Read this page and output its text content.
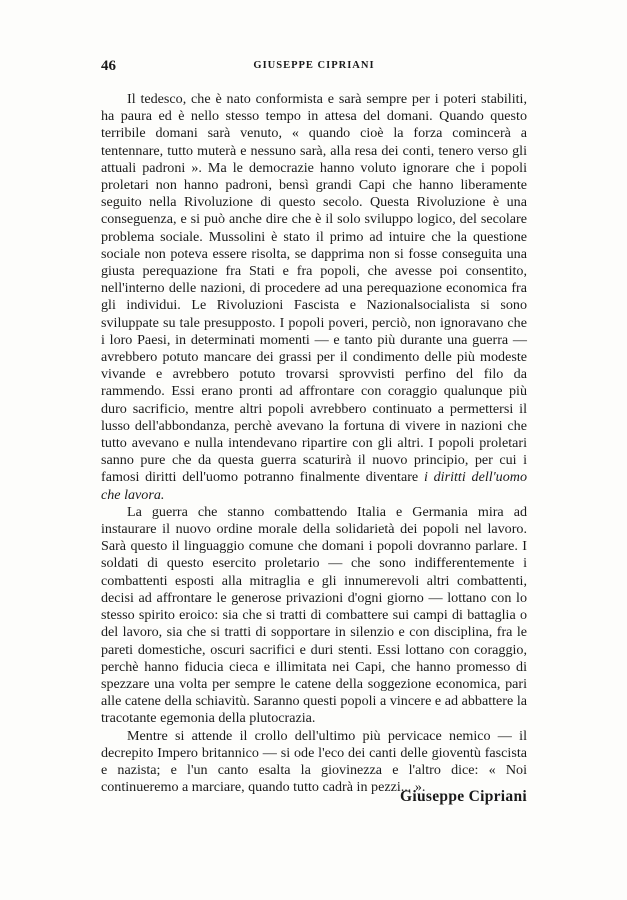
46	GIUSEPPE CIPRIANI

Il tedesco, che è nato conformista e sarà sempre per i poteri stabiliti, ha paura ed è nello stesso tempo in attesa del domani. Quando questo terribile domani sarà venuto, « quando cioè la forza comincerà a tentennare, tutto muterà e nessuno sarà, alla resa dei conti, tenero verso gli attuali padroni ». Ma le democrazie hanno voluto ignorare che i popoli proletari non hanno padroni, bensì grandi Capi che hanno liberamente seguito nella Rivoluzione di questo secolo. Questa Rivoluzione è una conseguenza, e si può anche dire che è il solo sviluppo logico, del secolare problema sociale. Mussolini è stato il primo ad intuire che la questione sociale non poteva essere risolta, se dapprima non si fosse conseguita una giusta perequazione fra Stati e fra popoli, che avesse poi consentito, nell'interno delle nazioni, di procedere ad una perequazione economica fra gli individui. Le Rivoluzioni Fascista e Nazionalsocialista si sono sviluppate su tale presupposto. I popoli poveri, perciò, non ignoravano che i loro Paesi, in determinati momenti — e tanto più durante una guerra — avrebbero potuto mancare dei grassi per il condimento delle più modeste vivande e avrebbero potuto trovarsi sprovvisti perfino del filo da rammendo. Essi erano pronti ad affrontare con coraggio qualunque più duro sacrificio, mentre altri popoli avrebbero continuato a permettersi il lusso dell'abbondanza, perchè avevano la fortuna di vivere in nazioni che tutto avevano e nulla intendevano ripartire con gli altri. I popoli proletari sanno pure che da questa guerra scaturirà il nuovo principio, per cui i famosi diritti dell'uomo potranno finalmente diventare i diritti dell'uomo che lavora.

La guerra che stanno combattendo Italia e Germania mira ad instaurare il nuovo ordine morale della solidarietà dei popoli nel lavoro. Sarà questo il linguaggio comune che domani i popoli dovranno parlare. I soldati di questo esercito proletario — che sono indifferentemente i combattenti esposti alla mitraglia e gli innumerevoli altri combattenti, decisi ad affrontare le generose privazioni d'ogni giorno — lottano con lo stesso spirito eroico: sia che si tratti di combattere sui campi di battaglia o del lavoro, sia che si tratti di sopportare in silenzio e con disciplina, fra le pareti domestiche, oscuri sacrifici e duri stenti. Essi lottano con coraggio, perchè hanno fiducia cieca e illimitata nei Capi, che hanno promesso di spezzare una volta per sempre le catene della soggezione economica, pari alle catene della schiavitù. Saranno questi popoli a vincere e ad abbattere la tracotante egemonia della plutocrazia.

Mentre si attende il crollo dell'ultimo più pervicace nemico — il decrepito Impero britannico — si ode l'eco dei canti delle gioventù fascista e nazista; e l'un canto esalta la giovinezza e l'altro dice: « Noi continueremo a marciare, quando tutto cadrà in pezzi... ».

Giuseppe Cipriani
